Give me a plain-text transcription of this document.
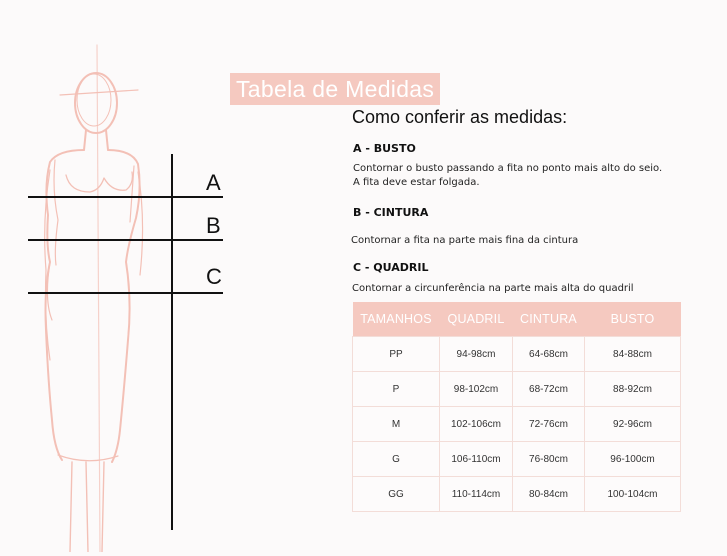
A
B
C
Tabela de Medidas
Como conferir as medidas:
A - BUSTO
Contornar o busto passando a fita no ponto mais alto do seio.
A fita deve estar folgada.
B - CINTURA
Contornar a fita na parte mais fina da cintura
C - QUADRIL
Contornar a circunferência na parte mais alta do quadril
TAMANHOS	QUADRIL	CINTURA	BUSTO
PP	94-98cm	64-68cm	84-88cm
P	98-102cm	68-72cm	88-92cm
M	102-106cm	72-76cm	92-96cm
G	106-110cm	76-80cm	96-100cm
GG	110-114cm	80-84cm	100-104cm
